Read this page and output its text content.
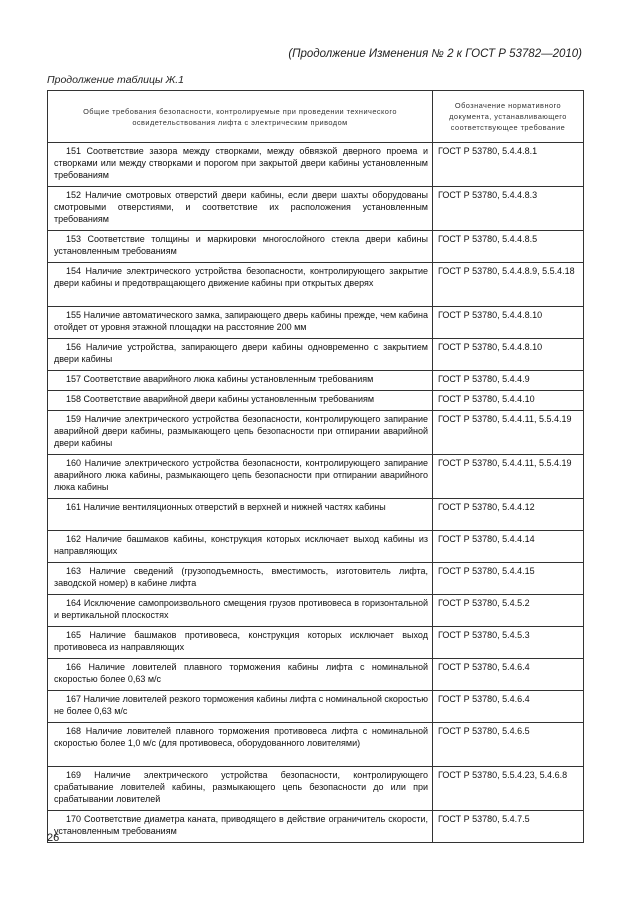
(Продолжение Изменения № 2 к ГОСТ Р 53782—2010)
Продолжение таблицы Ж.1
Общие требования безопасности, контролируемые при проведении технического освидетельствования лифта с электрическим приводом	Обозначение нормативного документа, устанавливающего соответствующее требование
151 Соответствие зазора между створками, между обвязкой дверного проема и створками или между створками и порогом при закрытой двери кабины установленным требованиям	ГОСТ Р 53780, 5.4.4.8.1
152 Наличие смотровых отверстий двери кабины, если двери шахты оборудованы смотровыми отверстиями, и соответствие их расположения установленным требованиям	ГОСТ Р 53780, 5.4.4.8.3
153 Соответствие толщины и маркировки многослойного стекла двери кабины установленным требованиям	ГОСТ Р 53780, 5.4.4.8.5
154 Наличие электрического устройства безопасности, контролирующего закрытие двери кабины и предотвращающего движение кабины при открытых дверях	ГОСТ Р 53780, 5.4.4.8.9, 5.5.4.18
155 Наличие автоматического замка, запирающего дверь кабины прежде, чем кабина отойдет от уровня этажной площадки на расстояние 200 мм	ГОСТ Р 53780, 5.4.4.8.10
156 Наличие устройства, запирающего двери кабины одновременно с закрытием двери кабины	ГОСТ Р 53780, 5.4.4.8.10
157 Соответствие аварийного люка кабины установленным требованиям	ГОСТ Р 53780, 5.4.4.9
158 Соответствие аварийной двери кабины установленным требованиям	ГОСТ Р 53780, 5.4.4.10
159 Наличие электрического устройства безопасности, контролирующего запирание аварийной двери кабины, размыкающего цепь безопасности при отпирании аварийной двери кабины	ГОСТ Р 53780, 5.4.4.11, 5.5.4.19
160 Наличие электрического устройства безопасности, контролирующего запирание аварийного люка кабины, размыкающего цепь безопасности при отпирании аварийного люка кабины	ГОСТ Р 53780, 5.4.4.11, 5.5.4.19
161 Наличие вентиляционных отверстий в верхней и нижней частях кабины	ГОСТ Р 53780, 5.4.4.12
162 Наличие башмаков кабины, конструкция которых исключает выход кабины из направляющих	ГОСТ Р 53780, 5.4.4.14
163 Наличие сведений (грузоподъемность, вместимость, изготовитель лифта, заводской номер) в кабине лифта	ГОСТ Р 53780, 5.4.4.15
164 Исключение самопроизвольного смещения грузов противовеса в горизонтальной и вертикальной плоскостях	ГОСТ Р 53780, 5.4.5.2
165 Наличие башмаков противовеса, конструкция которых исключает выход противовеса из направляющих	ГОСТ Р 53780, 5.4.5.3
166 Наличие ловителей плавного торможения кабины лифта с номинальной скоростью более 0,63 м/с	ГОСТ Р 53780, 5.4.6.4
167 Наличие ловителей резкого торможения кабины лифта с номинальной скоростью не более 0,63 м/с	ГОСТ Р 53780, 5.4.6.4
168 Наличие ловителей плавного торможения противовеса лифта с номинальной скоростью более 1,0 м/с (для противовеса, оборудованного ловителями)	ГОСТ Р 53780, 5.4.6.5
169 Наличие электрического устройства безопасности, контролирующего срабатывание ловителей кабины, размыкающего цепь безопасности до или при срабатывании ловителей	ГОСТ Р 53780, 5.5.4.23, 5.4.6.8
170 Соответствие диаметра каната, приводящего в действие ограничитель скорости, установленным требованиям	ГОСТ Р 53780, 5.4.7.5
26
